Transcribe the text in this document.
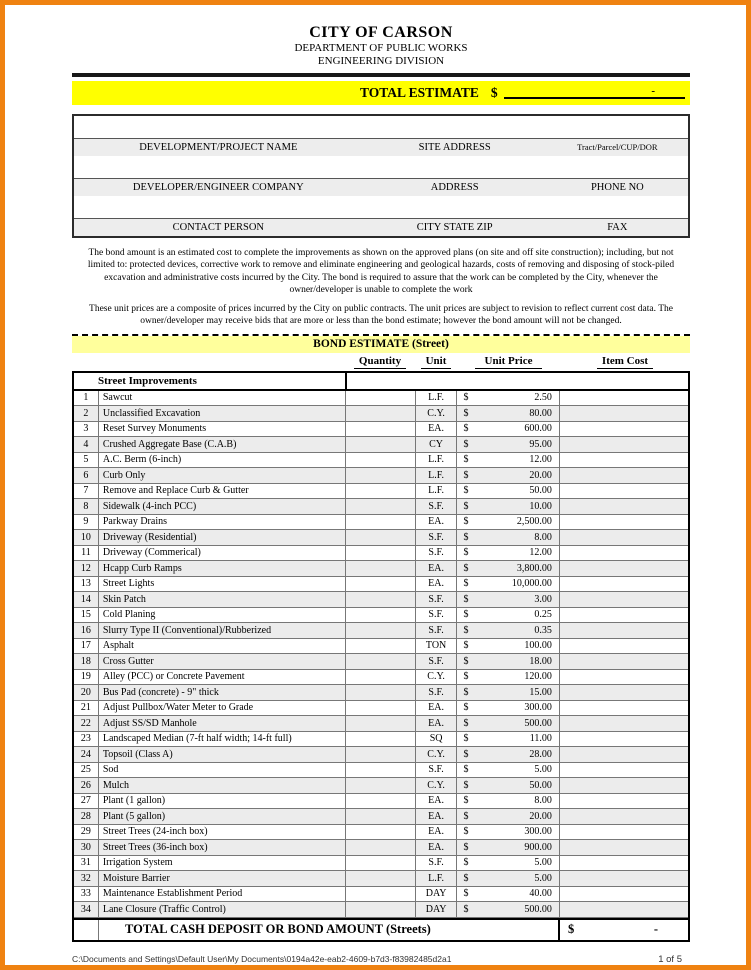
CITY OF CARSON
DEPARTMENT OF PUBLIC WORKS
ENGINEERING DIVISION
TOTAL ESTIMATE $	-
DEVELOPMENT/PROJECT NAME	SITE ADDRESS	Tract/Parcel/CUP/DOR
DEVELOPER/ENGINEER COMPANY	ADDRESS	PHONE NO
CONTACT PERSON	CITY STATE ZIP	FAX
The bond amount is an estimated cost to complete the improvements as shown on the approved plans (on site and off site construction); including, but not limited to: protected devices, corrective work to remove and eliminate engineering and geological hazards, costs of removing and disposing of stock-piled excavation and administrative costs incurred by the City. The bond is required to assure that the work can be completed by the City, whenever the owner/developer is unable to complete the work
These unit prices are a composite of prices incurred by the City on public contracts. The unit prices are subject to revision to reflect current cost data. The owner/developer may receive bids that are more or less than the bond estimate; however the bond amount will not be changed.
BOND ESTIMATE (Street)
Quantity	Unit	Unit Price	Item Cost
Street Improvements
1	Sawcut	L.F.	$	2.50
2	Unclassified Excavation	C.Y.	$	80.00
3	Reset Survey Monuments	EA.	$	600.00
4	Crushed Aggregate Base (C.A.B)	CY	$	95.00
5	A.C. Berm (6-inch)	L.F.	$	12.00
6	Curb Only	L.F.	$	20.00
7	Remove and Replace Curb & Gutter	L.F.	$	50.00
8	Sidewalk (4-inch PCC)	S.F.	$	10.00
9	Parkway Drains	EA.	$	2,500.00
10	Driveway (Residential)	S.F.	$	8.00
11	Driveway (Commerical)	S.F.	$	12.00
12	Hcapp Curb Ramps	EA.	$	3,800.00
13	Street Lights	EA.	$	10,000.00
14	Skin Patch	S.F.	$	3.00
15	Cold Planing	S.F.	$	0.25
16	Slurry Type II (Conventional)/Rubberized	S.F.	$	0.35
17	Asphalt	TON	$	100.00
18	Cross Gutter	S.F.	$	18.00
19	Alley (PCC) or Concrete Pavement	C.Y.	$	120.00
20	Bus Pad (concrete) - 9" thick	S.F.	$	15.00
21	Adjust Pullbox/Water Meter to Grade	EA.	$	300.00
22	Adjust SS/SD Manhole	EA.	$	500.00
23	Landscaped Median (7-ft half width; 14-ft full)	SQ	$	11.00
24	Topsoil (Class A)	C.Y.	$	28.00
25	Sod	S.F.	$	5.00
26	Mulch	C.Y.	$	50.00
27	Plant (1 gallon)	EA.	$	8.00
28	Plant (5 gallon)	EA.	$	20.00
29	Street Trees (24-inch box)	EA.	$	300.00
30	Street Trees (36-inch box)	EA.	$	900.00
31	Irrigation System	S.F.	$	5.00
32	Moisture Barrier	L.F.	$	5.00
33	Maintenance Establishment Period	DAY	$	40.00
34	Lane Closure (Traffic Control)	DAY	$	500.00
TOTAL CASH DEPOSIT OR BOND AMOUNT (Streets)	$	-
C:\Documents and Settings\Default User\My Documents\0194a42e-eab2-4609-b7d3-f83982485d2a1	1 of 5
